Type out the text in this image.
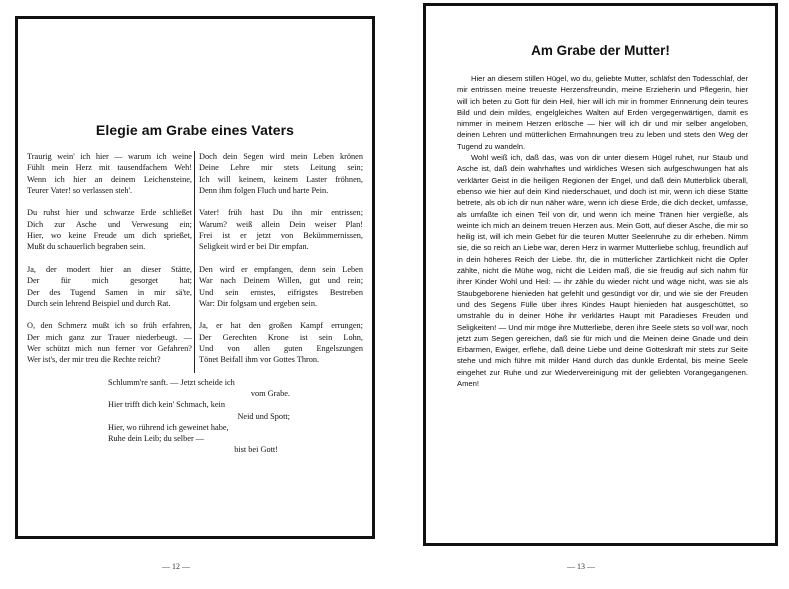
Elegie am Grabe eines Vaters
Traurig wein' ich hier — warum ich weine
Fühlt mein Herz mit tausendfachem Weh!
Wenn ich hier an deinem Leichensteine,
Teurer Vater! so verlassen steh'.
Du ruhst hier und schwarze Erde schließet
Dich zur Asche und Verwesung ein;
Hier, wo keine Freude um dich sprießet,
Mußt du schauerlich begraben sein.
Ja, der modert hier an dieser Stätte,
Der für mich gesorget hat;
Der des Tugend Samen in mir sä'te,
Durch sein lehrend Beispiel und durch Rat.
O, den Schmerz mußt ich so früh erfahren,
Der mich ganz zur Trauer niederbeugt. —
Wer schützt mich nun ferner vor Gefahren?
Wer ist's, der mir treu die Rechte reicht?
Doch dein Segen wird mein Leben krönen
Deine Lehre mir stets Leitung sein;
Ich will keinem, keinem Laster fröhnen,
Denn ihm folgen Fluch und harte Pein.
Vater! früh hast Du ihn mir entrissen;
Warum? weiß allein Dein weiser Plan!
Frei ist er jetzt von Bekümmernissen,
Seligkeit wird er bei Dir empfan.
Den wird er empfangen, denn sein Leben
War nach Deinem Willen, gut und rein;
Und sein ernstes, eifrigstes Bestreben
War: Dir folgsam und ergeben sein.
Ja, er hat den großen Kampf errungen;
Der Gerechten Krone ist sein Lohn,
Und von allen guten Engelszungen
Tönet Beifall ihm vor Gottes Thron.
Schlumm're sanft. — Jetzt scheide ich
vom Grabe.
Hier trifft dich kein' Schmach, kein
Neid und Spott;
Hier, wo rührend ich geweinet habe,
Ruhe dein Leib; du selber —
bist bei Gott!
Am Grabe der Mutter!

Hier an diesem stillen Hügel, wo du, geliebte Mutter, schläfst den Todesschlaf, der mir entrissen meine treueste Herzensfreundin, meine Erzieherin und Pflegerin, hier will ich beten zu Gott für dein Heil, hier will ich mir in frommer Erinnerung dein teures Bild und dein mildes, engelgleiches Walten auf Erden vergegenwärtigen, damit es nimmer in meinem Herzen erlösche — hier will ich dir und mir selber angeloben, deinen Lehren und mütterlichen Ermahnungen treu zu leben und stets den Weg der Tugend zu wandeln.

Wohl weiß ich, daß das, was von dir unter diesem Hügel ruhet, nur Staub und Asche ist, daß dein wahrhaftes und wirkliches Wesen sich aufgeschwungen hat als verklärter Geist in die heiligen Regionen der Engel, und daß dein Mutterblick überall, ebenso wie hier auf dein Kind niederschauet, und doch ist mir, wenn ich diese Stätte betrete, als ob ich dir nun näher wäre, wenn ich diese Erde, die dich decket, umfasse, als umfaßte ich einen Teil von dir, und wenn ich meine Tränen hier vergieße, als weinte ich mich an deinem treuen Herzen aus. Mein Gott, auf dieser Asche, die mir so heilig ist, will ich mein Gebet für die teuren Mutter Seelenruhe zu dir erheben. Nimm sie, die so reich an Liebe war, deren Herz in warmer Mutterliebe schlug, freundlich auf in dein höheres Reich der Liebe. Ihr, die in mütterlicher Zärtlichkeit nicht die Opfer zählte, nicht die Mühe wog, nicht die Leiden maß, die sie freudig auf sich nahm für ihrer Kinder Wohl und Heil: — ihr zähle du wieder nicht und wäge nicht, was sie als Staubgeborene hienieden hat gefehlt und gesündigt vor dir, und wie sie der Freuden und des Segens Fülle über ihres Kindes Haupt hienieden hat ausgeschüttet, so umstrahle du in deiner Höhe ihr verklärtes Haupt mit Paradieses Freuden und Seligkeiten! — Und mir möge ihre Mutterliebe, deren ihre Seele stets so voll war, noch jetzt zum Segen gereichen, daß sie für mich und die Meinen deine Gnade und dein Erbarmen, Ewiger, erflehe, daß deine Liebe und deine Gotteskraft mir stets zur Seite stehe und mich führe mit milder Hand durch das dunkle Erdental, bis meine Seele eingehet zur Ruhe und zur Wiedervereinigung mit der geliebten Vorangegangenen. Amen!

— 12 —	— 13 —
